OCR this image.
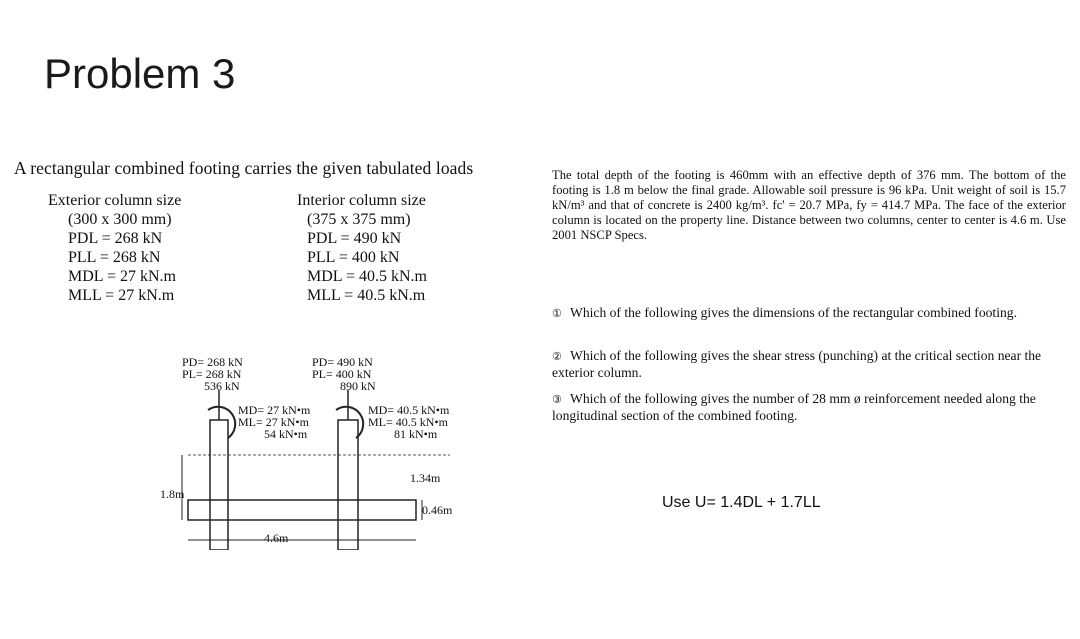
Problem 3
A rectangular combined footing carries the given tabulated loads
Exterior column size
(300 x 300 mm)
PDL = 268 kN
PLL = 268 kN
MDL = 27 kN.m
MLL = 27 kN.m
Interior column size
(375 x 375 mm)
PDL = 490 kN
PLL = 400 kN
MDL = 40.5 kN.m
MLL = 40.5 kN.m
The total depth of the footing is 460mm with an effective depth of 376 mm. The bottom of the footing is 1.8 m below the final grade. Allowable soil pressure is 96 kPa. Unit weight of soil is 15.7 kN/m³ and that of concrete is 2400 kg/m³. fc' = 20.7 MPa, fy = 414.7 MPa. The face of the exterior column is located on the property line. Distance between two columns, center to center is 4.6 m. Use 2001 NSCP Specs.
① Which of the following gives the dimensions of the rectangular combined footing.
② Which of the following gives the shear stress (punching) at the critical section near the exterior column.
③ Which of the following gives the number of 28 mm ø reinforcement needed along the longitudinal section of the combined footing.
Use U= 1.4DL + 1.7LL
PD= 268 kN
PL= 268 kN
536 kN
MD= 27 kN•m
ML= 27 kN•m
54 kN•m
PD= 490 kN
PL= 400 kN
890 kN
MD= 40.5 kN•m
ML= 40.5 kN•m
81 kN•m
1.8m
4.6m
1.34m
0.46m
